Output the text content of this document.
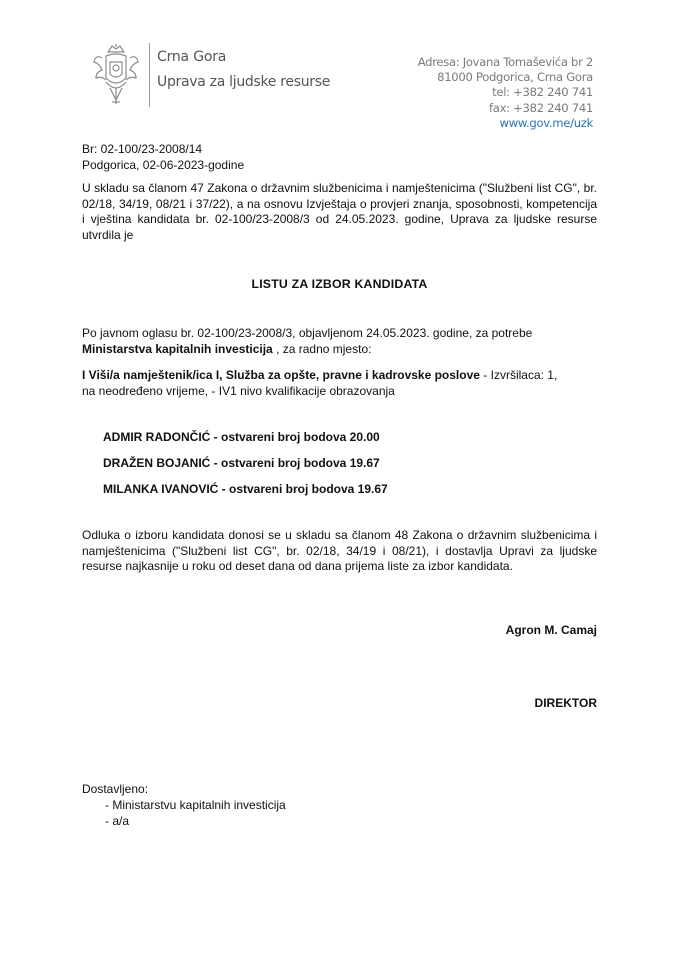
Crna Gora
Uprava za ljudske resurse
Adresa: Jovana Tomaševića br 2
81000 Podgorica, Crna Gora
tel: +382 240 741
fax: +382 240 741
www.gov.me/uzk
Br: 02-100/23-2008/14
Podgorica, 02-06-2023-godine
U skladu sa članom 47 Zakona o državnim službenicima i namještenicima ("Službeni list CG", br. 02/18, 34/19, 08/21 i 37/22), a na osnovu Izvještaja o provjeri znanja, sposobnosti, kompetencija i vještina kandidata br. 02-100/23-2008/3 od 24.05.2023. godine, Uprava za ljudske resurse utvrdila je
LISTU ZA IZBOR KANDIDATA
Po javnom oglasu br. 02-100/23-2008/3, objavljenom 24.05.2023. godine, za potrebe
Ministarstva kapitalnih investicija , za radno mjesto:
I Viši/a namještenik/ica I, Služba za opšte, pravne i kadrovske poslove - Izvršilaca: 1,
na neodređeno vrijeme, - IV1 nivo kvalifikacije obrazovanja
ADMIR RADONČIĆ - ostvareni broj bodova 20.00
DRAŽEN BOJANIĆ - ostvareni broj bodova 19.67
MILANKA IVANOVIĆ - ostvareni broj bodova 19.67
Odluka o izboru kandidata donosi se u skladu sa članom 48 Zakona o državnim službenicima i namještenicima ("Službeni list CG", br. 02/18, 34/19 i 08/21), i dostavlja Upravi za ljudske resurse najkasnije u roku od deset dana od dana prijema liste za izbor kandidata.
Agron M. Camaj
DIREKTOR
Dostavljeno:
- Ministarstvu kapitalnih investicija
- a/a
